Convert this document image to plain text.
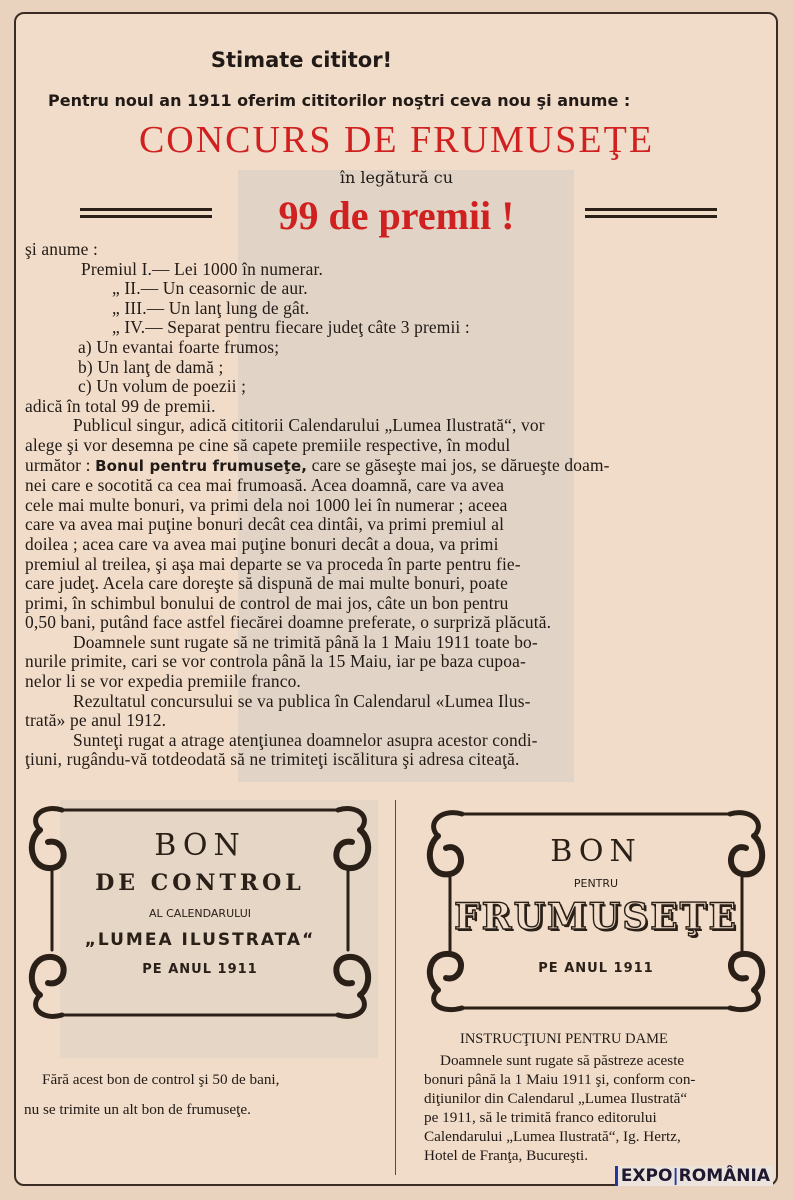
Stimate cititor!
Pentru noul an 1911 oferim cititorilor noştri ceva nou şi anume :
CONCURS DE FRUMUSEŢE
în legătură cu
99 de premii !
şi anume :
Premiul I.— Lei 1000 în numerar.
„ II.— Un ceasornic de aur.
„ III.— Un lanţ lung de gât.
„ IV.— Separat pentru fiecare judeţ câte 3 premii :
a) Un evantai foarte frumos;
b) Un lanţ de damă ;
c) Un volum de poezii ;
adică în total 99 de premii.
Publicul singur, adică cititorii Calendarului „Lumea Ilustrată“, vor
alege şi vor desemna pe cine să capete premiile respective, în modul
următor : Bonul pentru frumuseţe, care se găseşte mai jos, se dărueşte doam-
nei care e socotită ca cea mai frumoasă. Acea doamnă, care va avea
cele mai multe bonuri, va primi dela noi 1000 lei în numerar ; aceea
care va avea mai puţine bonuri decât cea dintâi, va primi premiul al
doilea ; acea care va avea mai puţine bonuri decât a doua, va primi
premiul al treilea, şi aşa mai departe se va proceda în parte pentru fie-
care judeţ. Acela care doreşte să dispună de mai multe bonuri, poate
primi, în schimbul bonului de control de mai jos, câte un bon pentru
0,50 bani, putând face astfel fiecărei doamne preferate, o surpriză plăcută.
Doamnele sunt rugate să ne trimită până la 1 Maiu 1911 toate bo-
nurile primite, cari se vor controla până la 15 Maiu, iar pe baza cupoa-
nelor li se vor expedia premiile franco.
Rezultatul concursului se va publica în Calendarul «Lumea Ilus-
trată» pe anul 1912.
Sunteţi rugat a atrage atenţiunea doamnelor asupra acestor condi-
ţiuni, rugându-vă totdeodată să ne trimiteţi iscălitura şi adresa citeaţă.
BON
DE CONTROL
AL CALENDARULUI
„LUMEA ILUSTRATA“
PE ANUL 1911
Fără acest bon de control şi 50 de bani,
nu se trimite un alt bon de frumuseţe.
BON
PENTRU
FRUMUSEŢE
PE ANUL 1911
INSTRUCŢIUNI PENTRU DAME
Doamnele sunt rugate să păstreze aceste
bonuri până la 1 Maiu 1911 şi, conform con-
diţiunilor din Calendarul „Lumea Ilustrată“
pe 1911, să le trimită franco editorului
Calendarului „Lumea Ilustrată“, Ig. Hertz,
Hotel de Franţa, Bucureşti.
EXPO|ROMÂNIA
